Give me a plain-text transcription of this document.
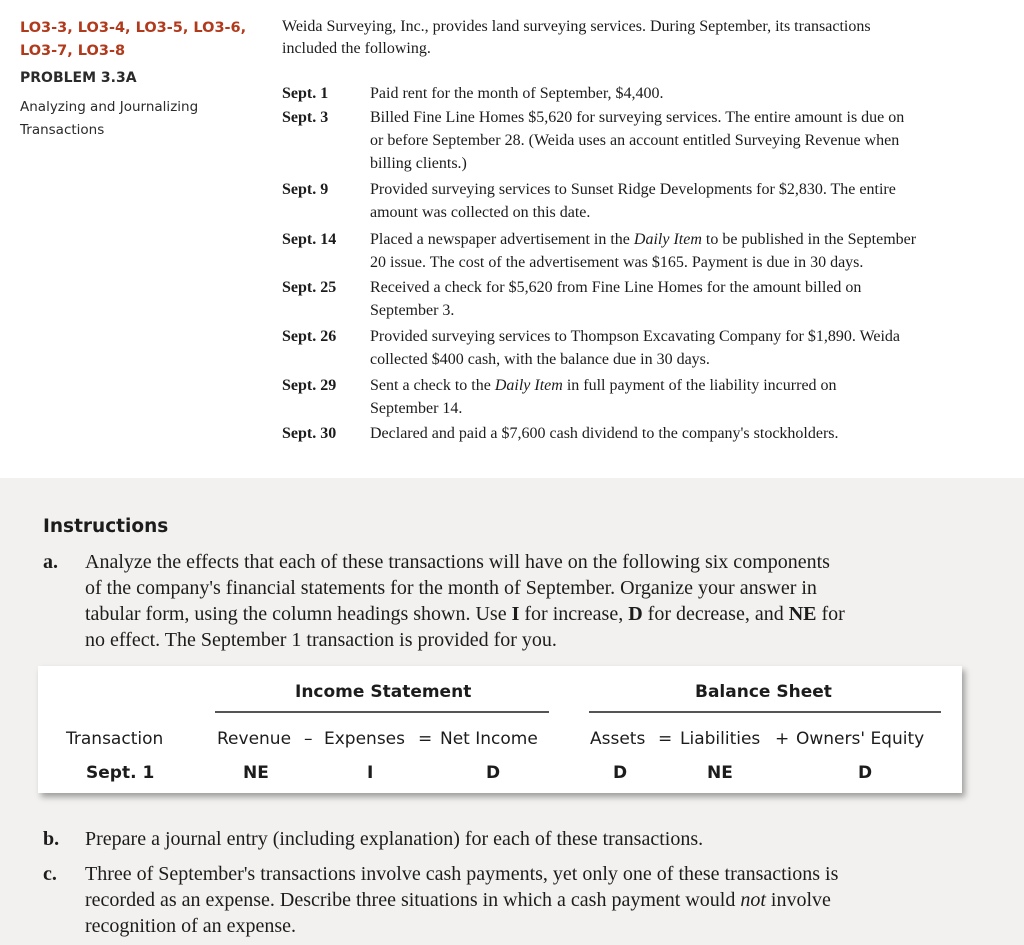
LO3-3, LO3-4, LO3-5, LO3-6,
LO3-7, LO3-8
PROBLEM 3.3A
Analyzing and Journalizing
Transactions
Weida Surveying, Inc., provides land surveying services. During September, its transactions
included the following.
Sept. 1	Paid rent for the month of September, $4,400.
Sept. 3	Billed Fine Line Homes $5,620 for surveying services. The entire amount is due on
or before September 28. (Weida uses an account entitled Surveying Revenue when
billing clients.)
Sept. 9	Provided surveying services to Sunset Ridge Developments for $2,830. The entire
amount was collected on this date.
Sept. 14	Placed a newspaper advertisement in the Daily Item to be published in the September
20 issue. The cost of the advertisement was $165. Payment is due in 30 days.
Sept. 25	Received a check for $5,620 from Fine Line Homes for the amount billed on
September 3.
Sept. 26	Provided surveying services to Thompson Excavating Company for $1,890. Weida
collected $400 cash, with the balance due in 30 days.
Sept. 29	Sent a check to the Daily Item in full payment of the liability incurred on
September 14.
Sept. 30	Declared and paid a $7,600 cash dividend to the company's stockholders.
Instructions
a. Analyze the effects that each of these transactions will have on the following six components
of the company's financial statements for the month of September. Organize your answer in
tabular form, using the column headings shown. Use I for increase, D for decrease, and NE for
no effect. The September 1 transaction is provided for you.
Income Statement	Balance Sheet
Transaction	Revenue – Expenses = Net Income	Assets = Liabilities + Owners' Equity
Sept. 1	NE	I	D	D	NE	D
b. Prepare a journal entry (including explanation) for each of these transactions.
c. Three of September's transactions involve cash payments, yet only one of these transactions is
recorded as an expense. Describe three situations in which a cash payment would not involve
recognition of an expense.
